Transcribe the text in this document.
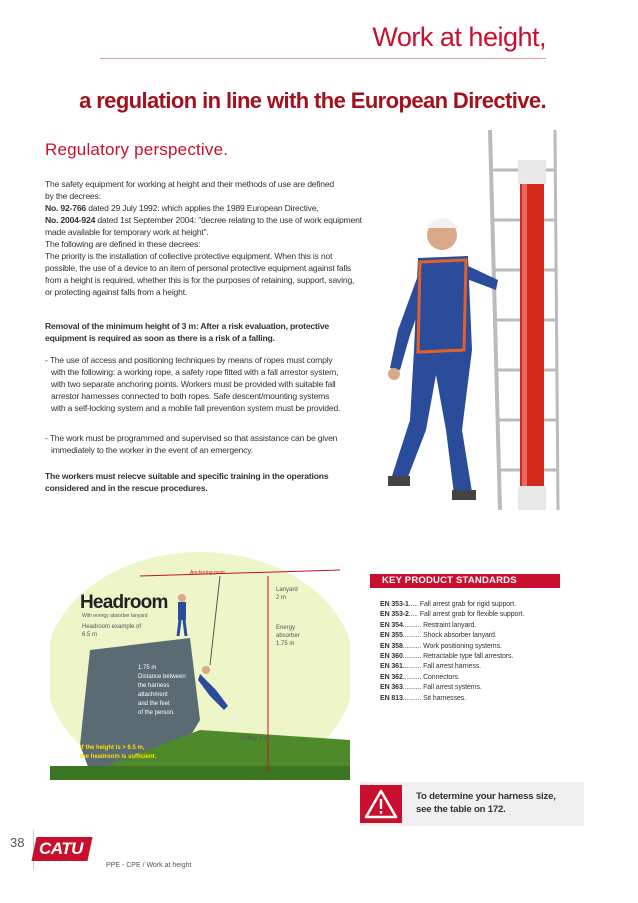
Work at height,
a regulation in line with the European Directive.
Regulatory perspective.

The safety equipment for working at height and their methods of use are defined

by the decrees:

No. 92-766 dated 29 July 1992: which applies the 1989 European Directive,

No. 2004-924 dated 1st September 2004: "decree relating to the use of work equipment

made available for temporary work at height".

The following are defined in these decrees:

The priority is the installation of collective protective equipment. When this is not

possible, the use of a device to an item of personal protective equipment against falls

from a height is required, whether this is for the purposes of retaining, support, saving,

or protecting against falls from a height.

Removal of the minimum height of 3 m: After a risk evaluation, protective

equipment is required as soon as there is a risk of a falling.

- The use of access and positioning techniques by means of ropes must comply

with the following: a working rope, a safety rope fitted with a fall arrestor system,

with two separate anchoring points. Workers must be provided with suitable fall

arrestor harnesses connected to both ropes. Safe descent/mounting systems

with a self-locking system and a mobile fall prevention system must be provided.

- The work must be programmed and supervised so that assistance can be given

immediately to the worker in the event of an emergency.

The workers must reiecve suitable and specific training in the operations

considered and in the rescue procedures.

Anchoring point
Headroom
With energy absorber lanyard
Headroom example of
6.5 m
Lanyard
2 m
Energy
absorber
1.75 m
1.75 m
Distance between
the harness
attachment
and the feet
of the person.
Safety 1 m
If the height is > 6.5 m,
the headroom is sufficient.
KEY PRODUCT STANDARDS
EN 353-1..... Fall arrest grab for rigid support.
EN 353-2..... Fall arrest grab for flexible support.
EN 354.......... Restraint lanyard.
EN 355.......... Shock absorber lanyard.
EN 358.......... Work positioning systems.
EN 360.......... Retractable type fall arrestors.
EN 361.......... Fall arrest harness.
EN 362.......... Connectors.
EN 363.......... Fall arrest systems.
EN 813.......... Sit harnesses.
To determine your harness size,
see the table on 172.
38 CATU
PPE - CPE / Work at height
